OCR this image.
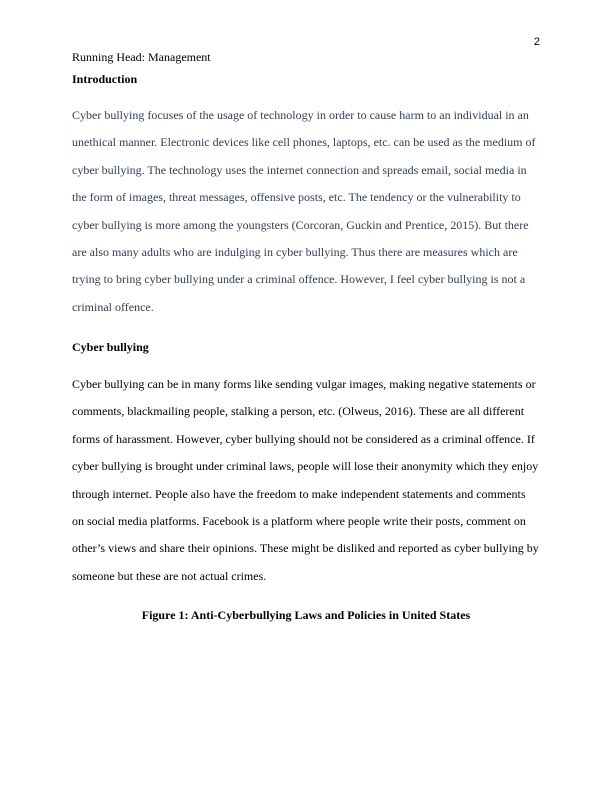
2
Running Head: Management
Introduction
Cyber bullying focuses of the usage of technology in order to cause harm to an individual in an unethical manner. Electronic devices like cell phones, laptops, etc. can be used as the medium of cyber bullying. The technology uses the internet connection and spreads email, social media in the form of images, threat messages, offensive posts, etc. The tendency or the vulnerability to cyber bullying is more among the youngsters (Corcoran, Guckin and Prentice, 2015). But there are also many adults who are indulging in cyber bullying. Thus there are measures which are trying to bring cyber bullying under a criminal offence. However, I feel cyber bullying is not a criminal offence.
Cyber bullying
Cyber bullying can be in many forms like sending vulgar images, making negative statements or comments, blackmailing people, stalking a person, etc. (Olweus, 2016). These are all different forms of harassment. However, cyber bullying should not be considered as a criminal offence. If cyber bullying is brought under criminal laws, people will lose their anonymity which they enjoy through internet. People also have the freedom to make independent statements and comments on social media platforms. Facebook is a platform where people write their posts, comment on other’s views and share their opinions. These might be disliked and reported as cyber bullying by someone but these are not actual crimes.
Figure 1: Anti-Cyberbullying Laws and Policies in United States
